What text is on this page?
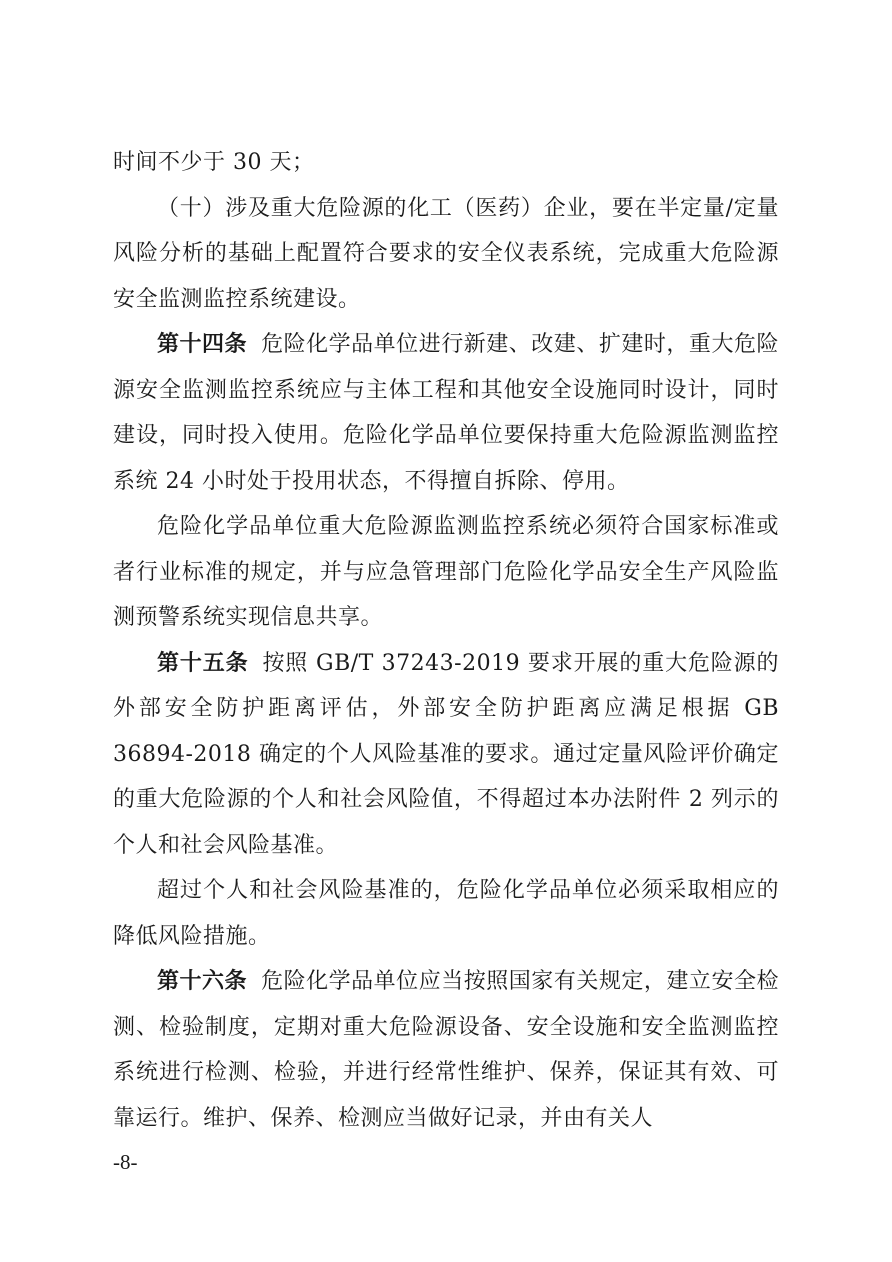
时间不少于 30 天；

（十）涉及重大危险源的化工（医药）企业，要在半定量/定量风险分析的基础上配置符合要求的安全仪表系统，完成重大危险源安全监测监控系统建设。

第十四条 危险化学品单位进行新建、改建、扩建时，重大危险源安全监测监控系统应与主体工程和其他安全设施同时设计，同时建设，同时投入使用。危险化学品单位要保持重大危险源监测监控系统 24 小时处于投用状态，不得擅自拆除、停用。

危险化学品单位重大危险源监测监控系统必须符合国家标准或者行业标准的规定，并与应急管理部门危险化学品安全生产风险监测预警系统实现信息共享。

第十五条 按照 GB/T 37243-2019 要求开展的重大危险源的外部安全防护距离评估，外部安全防护距离应满足根据 GB 36894-2018 确定的个人风险基准的要求。通过定量风险评价确定的重大危险源的个人和社会风险值，不得超过本办法附件 2 列示的个人和社会风险基准。

超过个人和社会风险基准的，危险化学品单位必须采取相应的降低风险措施。

第十六条 危险化学品单位应当按照国家有关规定，建立安全检测、检验制度，定期对重大危险源设备、安全设施和安全监测监控系统进行检测、检验，并进行经常性维护、保养，保证其有效、可靠运行。维护、保养、检测应当做好记录，并由有关人

-8-
